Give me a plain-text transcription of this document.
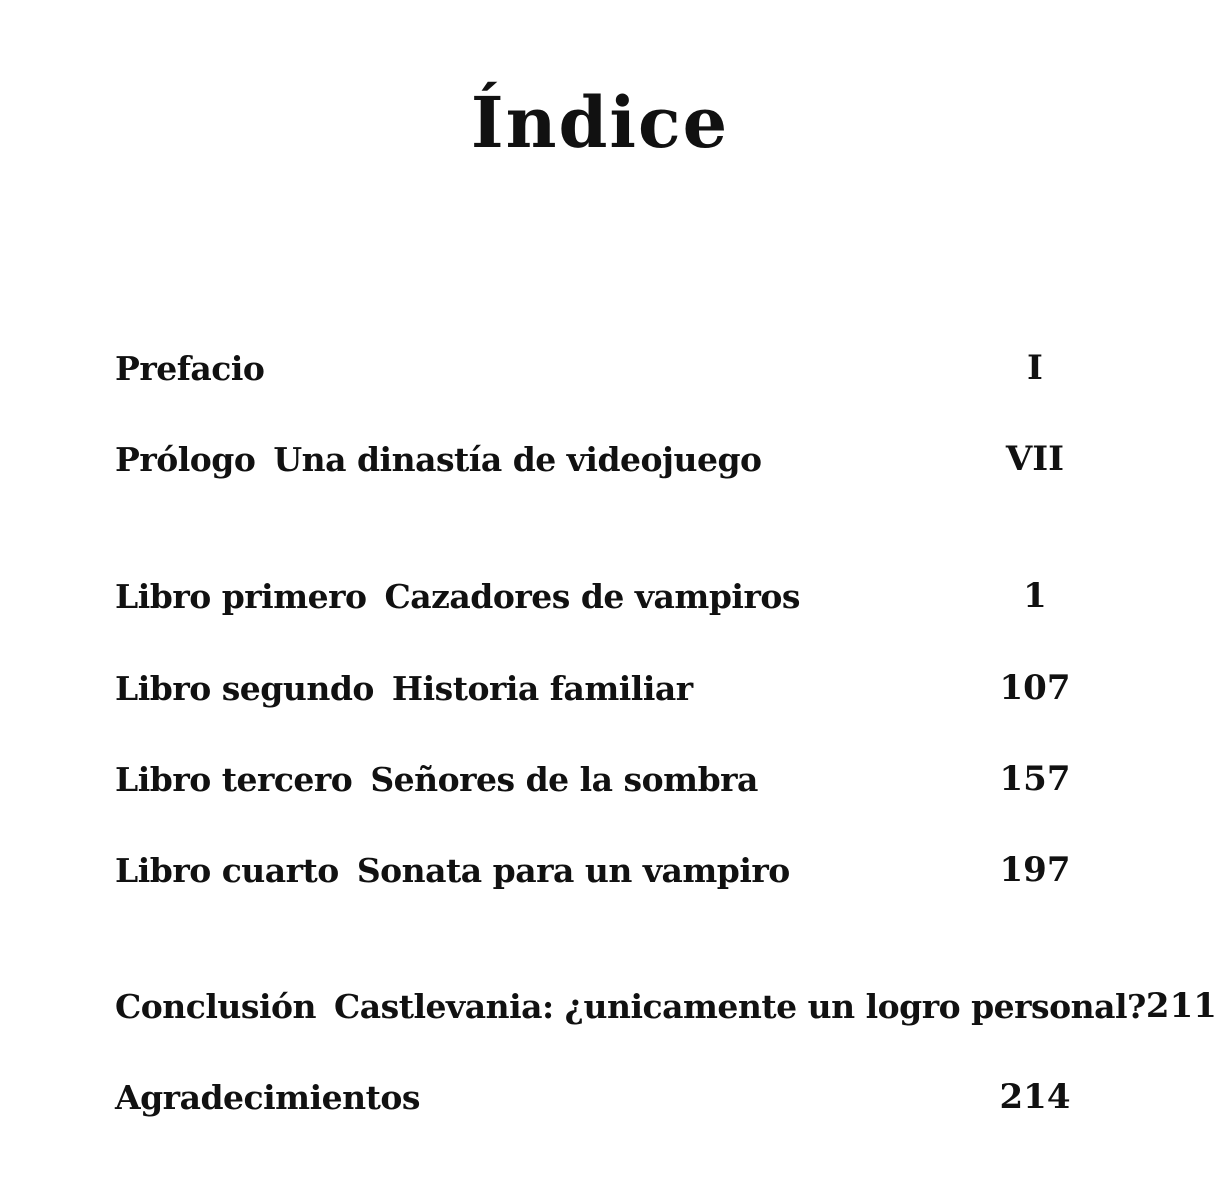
Índice
Prefacio	I
Prólogo Una dinastía de videojuego	VII
Libro primero Cazadores de vampiros	1
Libro segundo Historia familiar	107
Libro tercero Señores de la sombra	157
Libro cuarto Sonata para un vampiro	197
Conclusión Castlevania: ¿unicamente un logro personal? 211
Agradecimientos	214
